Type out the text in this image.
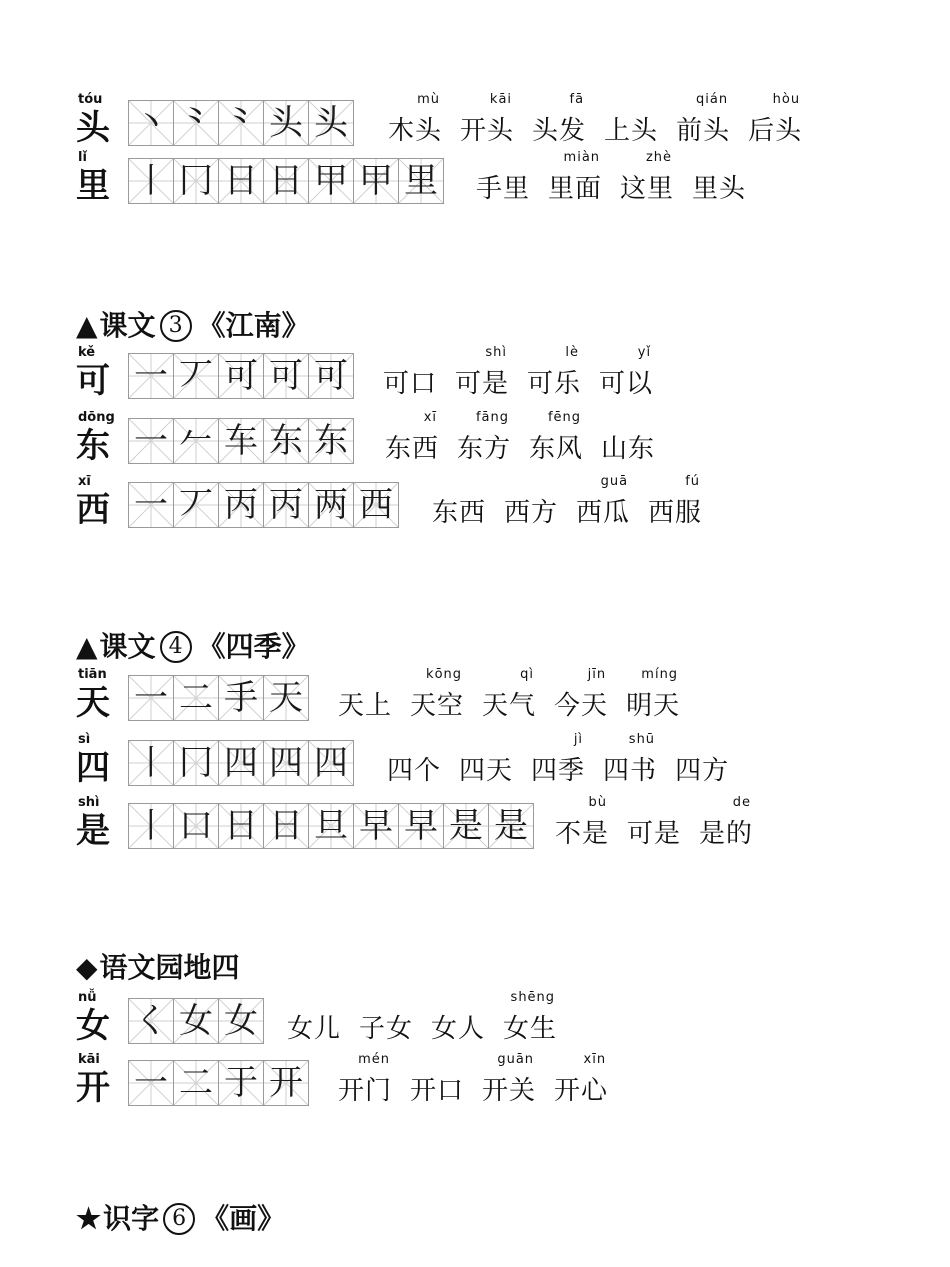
tóu
头 丶 ⺀ ⺀ 头 头
mù
木头
kāi
开头
fā
头发 上头
qián
前头
hòu
后头
lǐ
里 丨 冂 日 日 甲 甲 里 手里
miàn
里面
zhè
这里 里头
▲课文 3 《江南》
kě
可 一 丆 可 可 可 可口
shì
可是
lè
可乐
yǐ
可以
dōng
东 一 𠂉 车 东 东
xī
东西
fāng
东方
fēng
东风 山东
xī
西 一 丆 丙 丙 两 西 东西 西方
guā
西瓜
fú
西服
▲课文 4 《四季》
tiān
天 一 二 手 天 天上
kōng
天空
qì
天气
jīn
今天
míng
明天
sì
四 丨 冂 四 四 四 四个 四天
jì
四季
shū
四书 四方
shì
是 丨 口 日 日 旦 早 早 是 是
bù
不是 可是
de
是的
◆语文园地四
nǚ
女 く 女 女 女儿 子女 女人
shēng
女生
kāi
开 一 二 于 开
mén
开门 开口
guān
开关
xīn
开心
★识字 6 《画》
